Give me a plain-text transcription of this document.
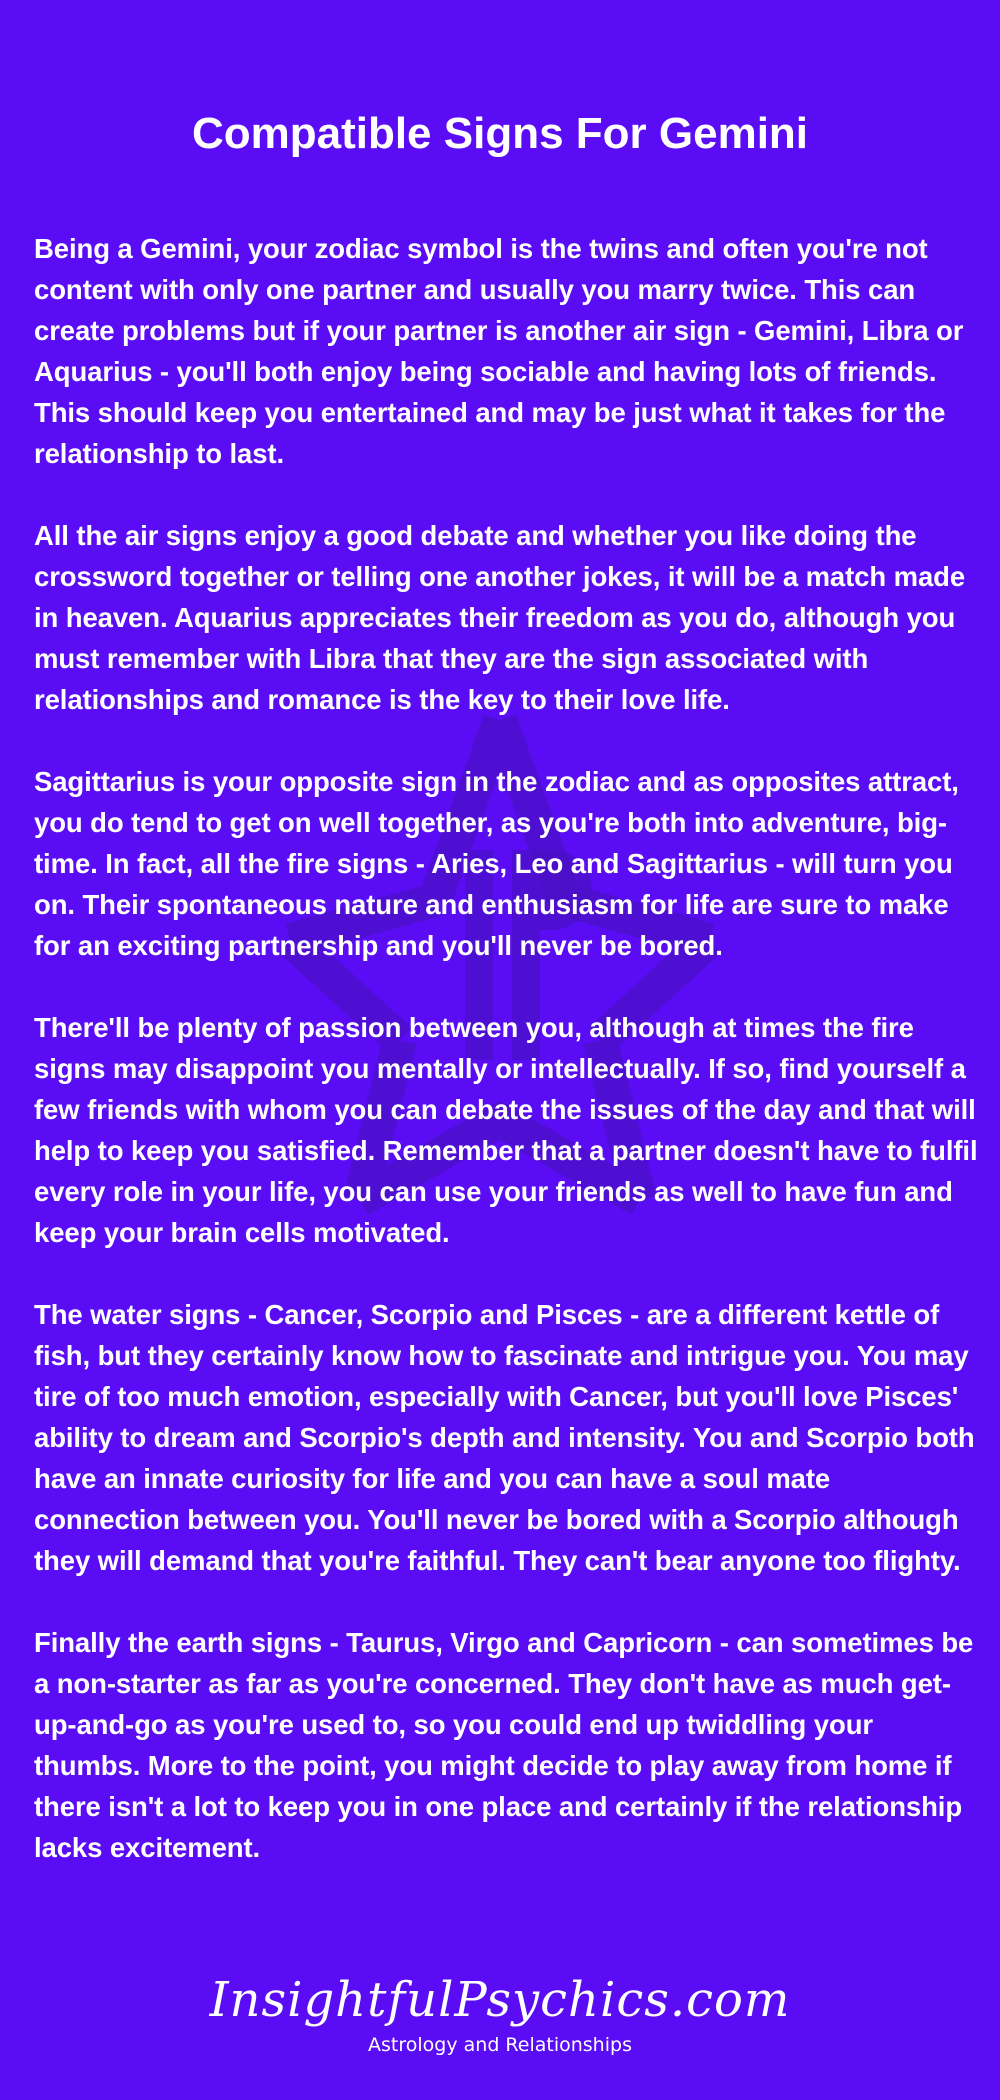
Compatible Signs For Gemini

Being a Gemini, your zodiac symbol is the twins and often you're not content with only one partner and usually you marry twice. This can create problems but if your partner is another air sign - Gemini, Libra or Aquarius - you'll both enjoy being sociable and having lots of friends. This should keep you entertained and may be just what it takes for the relationship to last.

All the air signs enjoy a good debate and whether you like doing the crossword together or telling one another jokes, it will be a match made in heaven. Aquarius appreciates their freedom as you do, although you must remember with Libra that they are the sign associated with relationships and romance is the key to their love life.

Sagittarius is your opposite sign in the zodiac and as opposites attract, you do tend to get on well together, as you're both into adventure, big-time. In fact, all the fire signs - Aries, Leo and Sagittarius - will turn you on. Their spontaneous nature and enthusiasm for life are sure to make for an exciting partnership and you'll never be bored.

There'll be plenty of passion between you, although at times the fire signs may disappoint you mentally or intellectually. If so, find yourself a few friends with whom you can debate the issues of the day and that will help to keep you satisfied. Remember that a partner doesn't have to fulfil every role in your life, you can use your friends as well to have fun and keep your brain cells motivated.

The water signs - Cancer, Scorpio and Pisces - are a different kettle of fish, but they certainly know how to fascinate and intrigue you. You may tire of too much emotion, especially with Cancer, but you'll love Pisces' ability to dream and Scorpio's depth and intensity. You and Scorpio both have an innate curiosity for life and you can have a soul mate connection between you. You'll never be bored with a Scorpio although they will demand that you're faithful. They can't bear anyone too flighty.

Finally the earth signs - Taurus, Virgo and Capricorn - can sometimes be a non-starter as far as you're concerned. They don't have as much get-up-and-go as you're used to, so you could end up twiddling your thumbs. More to the point, you might decide to play away from home if there isn't a lot to keep you in one place and certainly if the relationship lacks excitement.

InsightfulPsychics.com
Astrology and Relationships
